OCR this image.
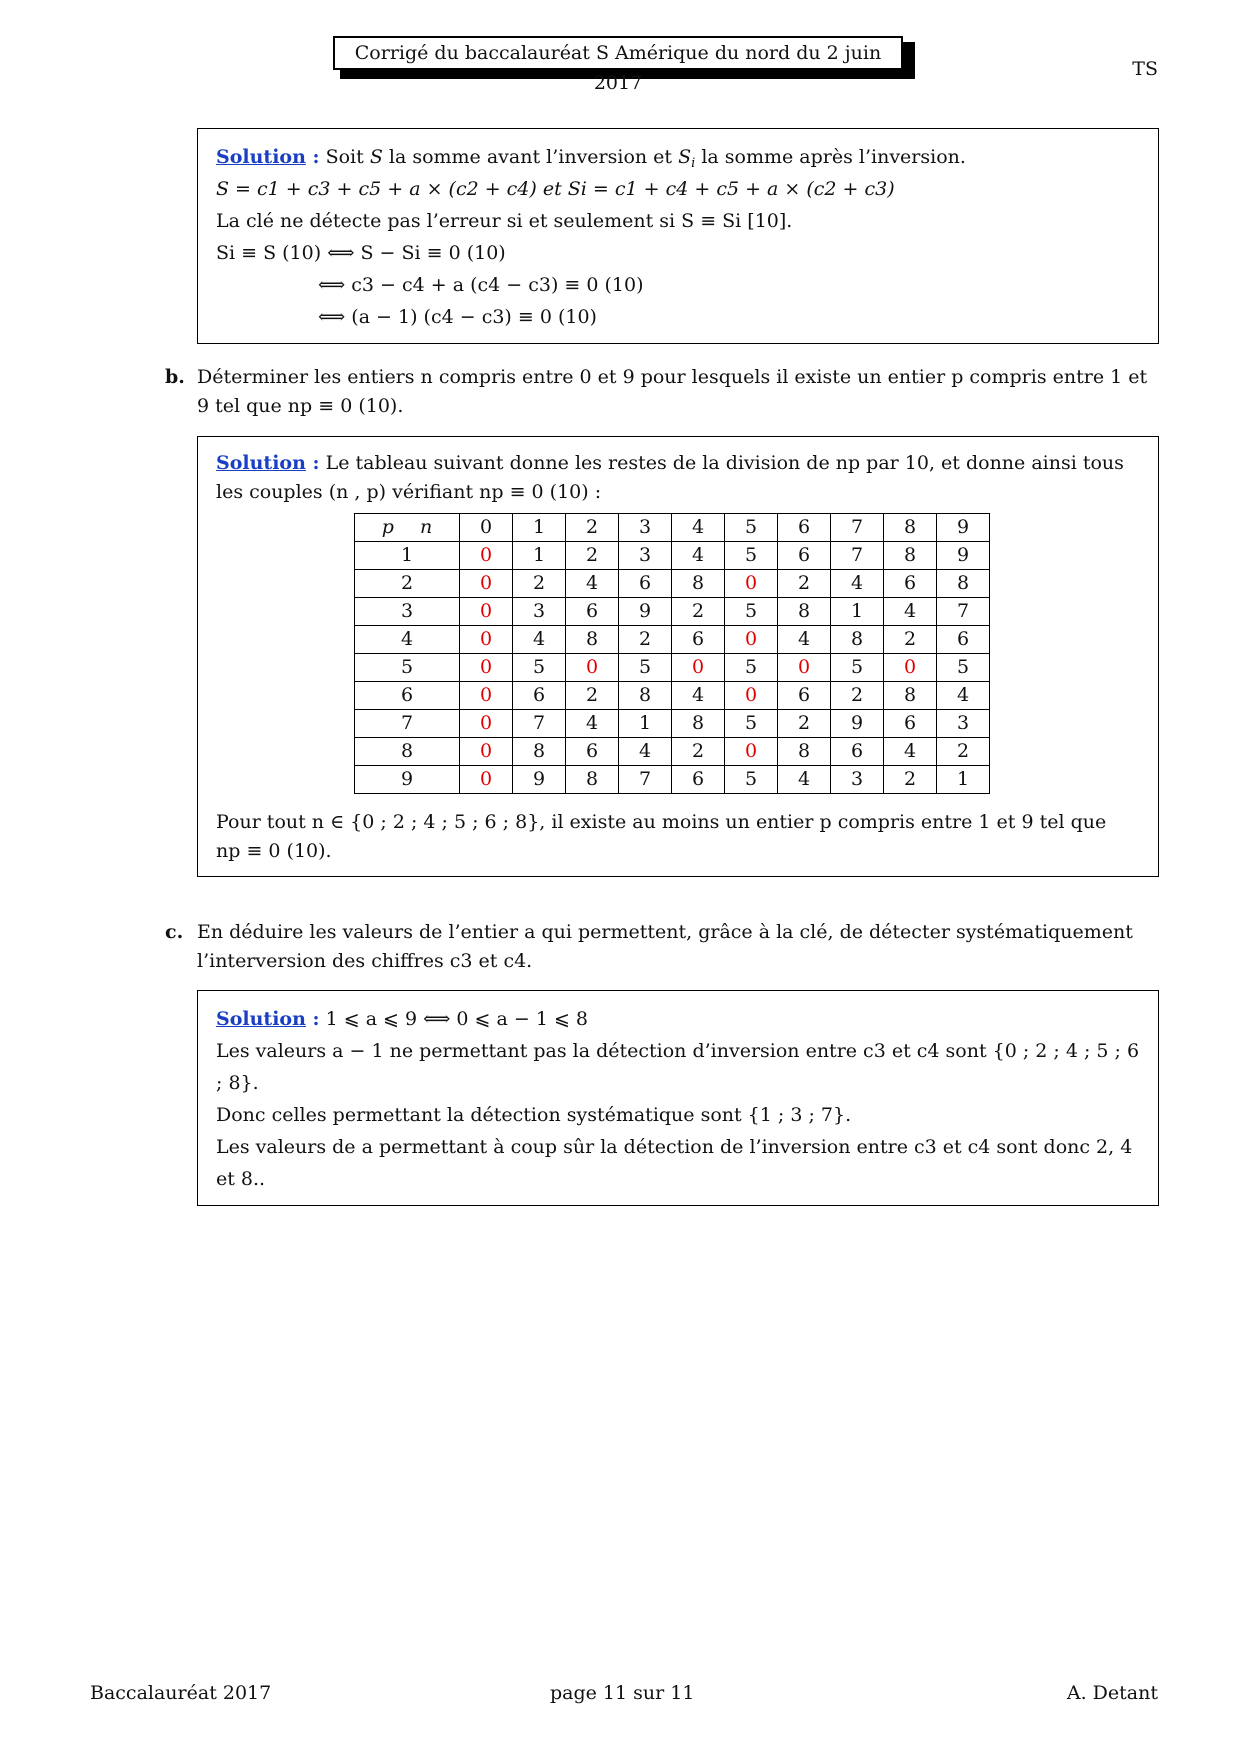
Corrigé du baccalauréat S Amérique du nord du 2 juin 2017
TS
Solution : Soit S la somme avant l’inversion et $S_i$ la somme après l’inversion.
S = c1 + c3 + c5 + a × (c2 + c4) et Si = c1 + c4 + c5 + a × (c2 + c3)
La clé ne détecte pas l’erreur si et seulement si S ≡ Si [10].
Si ≡ S (10) ⟺ S − Si ≡ 0 (10)
⟺ c3 − c4 + a (c4 − c3) ≡ 0 (10)
⟺ (a − 1) (c4 − c3) ≡ 0 (10)
b. Déterminer les entiers n compris entre 0 et 9 pour lesquels il existe un entier p compris entre 1 et 9 tel que np ≡ 0 (10).
Solution : Le tableau suivant donne les restes de la division de np par 10, et donne ainsi tous les couples (n , p) vérifiant np ≡ 0 (10) :
p n	0	1	2	3	4	5	6	7	8	9
1	0	1	2	3	4	5	6	7	8	9
2	0	2	4	6	8	0	2	4	6	8
3	0	3	6	9	2	5	8	1	4	7
4	0	4	8	2	6	0	4	8	2	6
5	0	5	0	5	0	5	0	5	0	5
6	0	6	2	8	4	0	6	2	8	4
7	0	7	4	1	8	5	2	9	6	3
8	0	8	6	4	2	0	8	6	4	2
9	0	9	8	7	6	5	4	3	2	1
Pour tout n ∈ {0 ; 2 ; 4 ; 5 ; 6 ; 8}, il existe au moins un entier p compris entre 1 et 9 tel que
np ≡ 0 (10).
c. En déduire les valeurs de l’entier a qui permettent, grâce à la clé, de détecter systématiquement l’interversion des chiffres c3 et c4.
Solution : 1 ⩽ a ⩽ 9 ⟺ 0 ⩽ a − 1 ⩽ 8
Les valeurs a − 1 ne permettant pas la détection d’inversion entre c3 et c4 sont {0 ; 2 ; 4 ; 5 ; 6 ; 8}.
Donc celles permettant la détection systématique sont {1 ; 3 ; 7}.
Les valeurs de a permettant à coup sûr la détection de l’inversion entre c3 et c4 sont donc 2, 4 et 8..
Baccalauréat 2017	page 11 sur 11	A. Detant
